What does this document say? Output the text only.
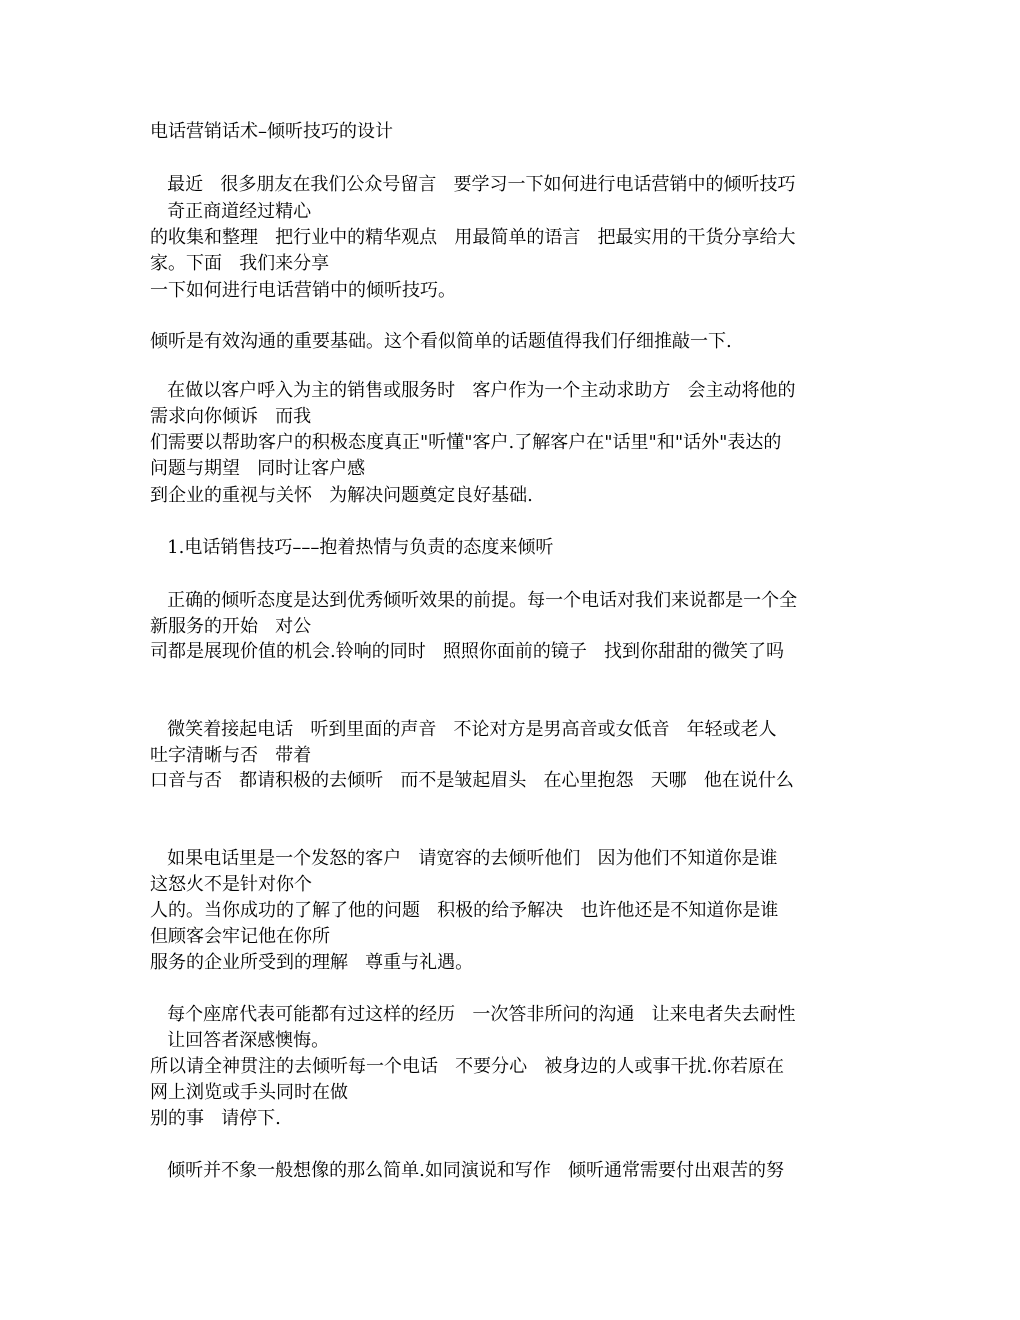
电话营销话术–倾听技巧的设计
最近   很多朋友在我们公众号留言   要学习一下如何进行电话营销中的倾听技巧
奇正商道经过精心
的收集和整理   把行业中的精华观点   用最简单的语言   把最实用的干货分享给大
家。下面   我们来分享
一下如何进行电话营销中的倾听技巧。
倾听是有效沟通的重要基础。这个看似简单的话题值得我们仔细推敲一下.
在做以客户呼入为主的销售或服务时   客户作为一个主动求助方   会主动将他的
需求向你倾诉   而我
们需要以帮助客户的积极态度真正"听懂"客户.了解客户在"话里"和"话外"表达的
问题与期望   同时让客户感
到企业的重视与关怀   为解决问题奠定良好基础.
1.电话销售技巧–––抱着热情与负责的态度来倾听
正确的倾听态度是达到优秀倾听效果的前提。每一个电话对我们来说都是一个全
新服务的开始   对公
司都是展现价值的机会.铃响的同时   照照你面前的镜子   找到你甜甜的微笑了吗
微笑着接起电话   听到里面的声音   不论对方是男高音或女低音   年轻或老人
吐字清晰与否   带着
口音与否   都请积极的去倾听   而不是皱起眉头   在心里抱怨   天哪   他在说什么
如果电话里是一个发怒的客户   请宽容的去倾听他们   因为他们不知道你是谁
这怒火不是针对你个
人的。当你成功的了解了他的问题   积极的给予解决   也许他还是不知道你是谁
但顾客会牢记他在你所
服务的企业所受到的理解   尊重与礼遇。
每个座席代表可能都有过这样的经历   一次答非所问的沟通   让来电者失去耐性
让回答者深感懊悔。
所以请全神贯注的去倾听每一个电话   不要分心   被身边的人或事干扰.你若原在
网上浏览或手头同时在做
别的事   请停下.
倾听并不象一般想像的那么简单.如同演说和写作   倾听通常需要付出艰苦的努
